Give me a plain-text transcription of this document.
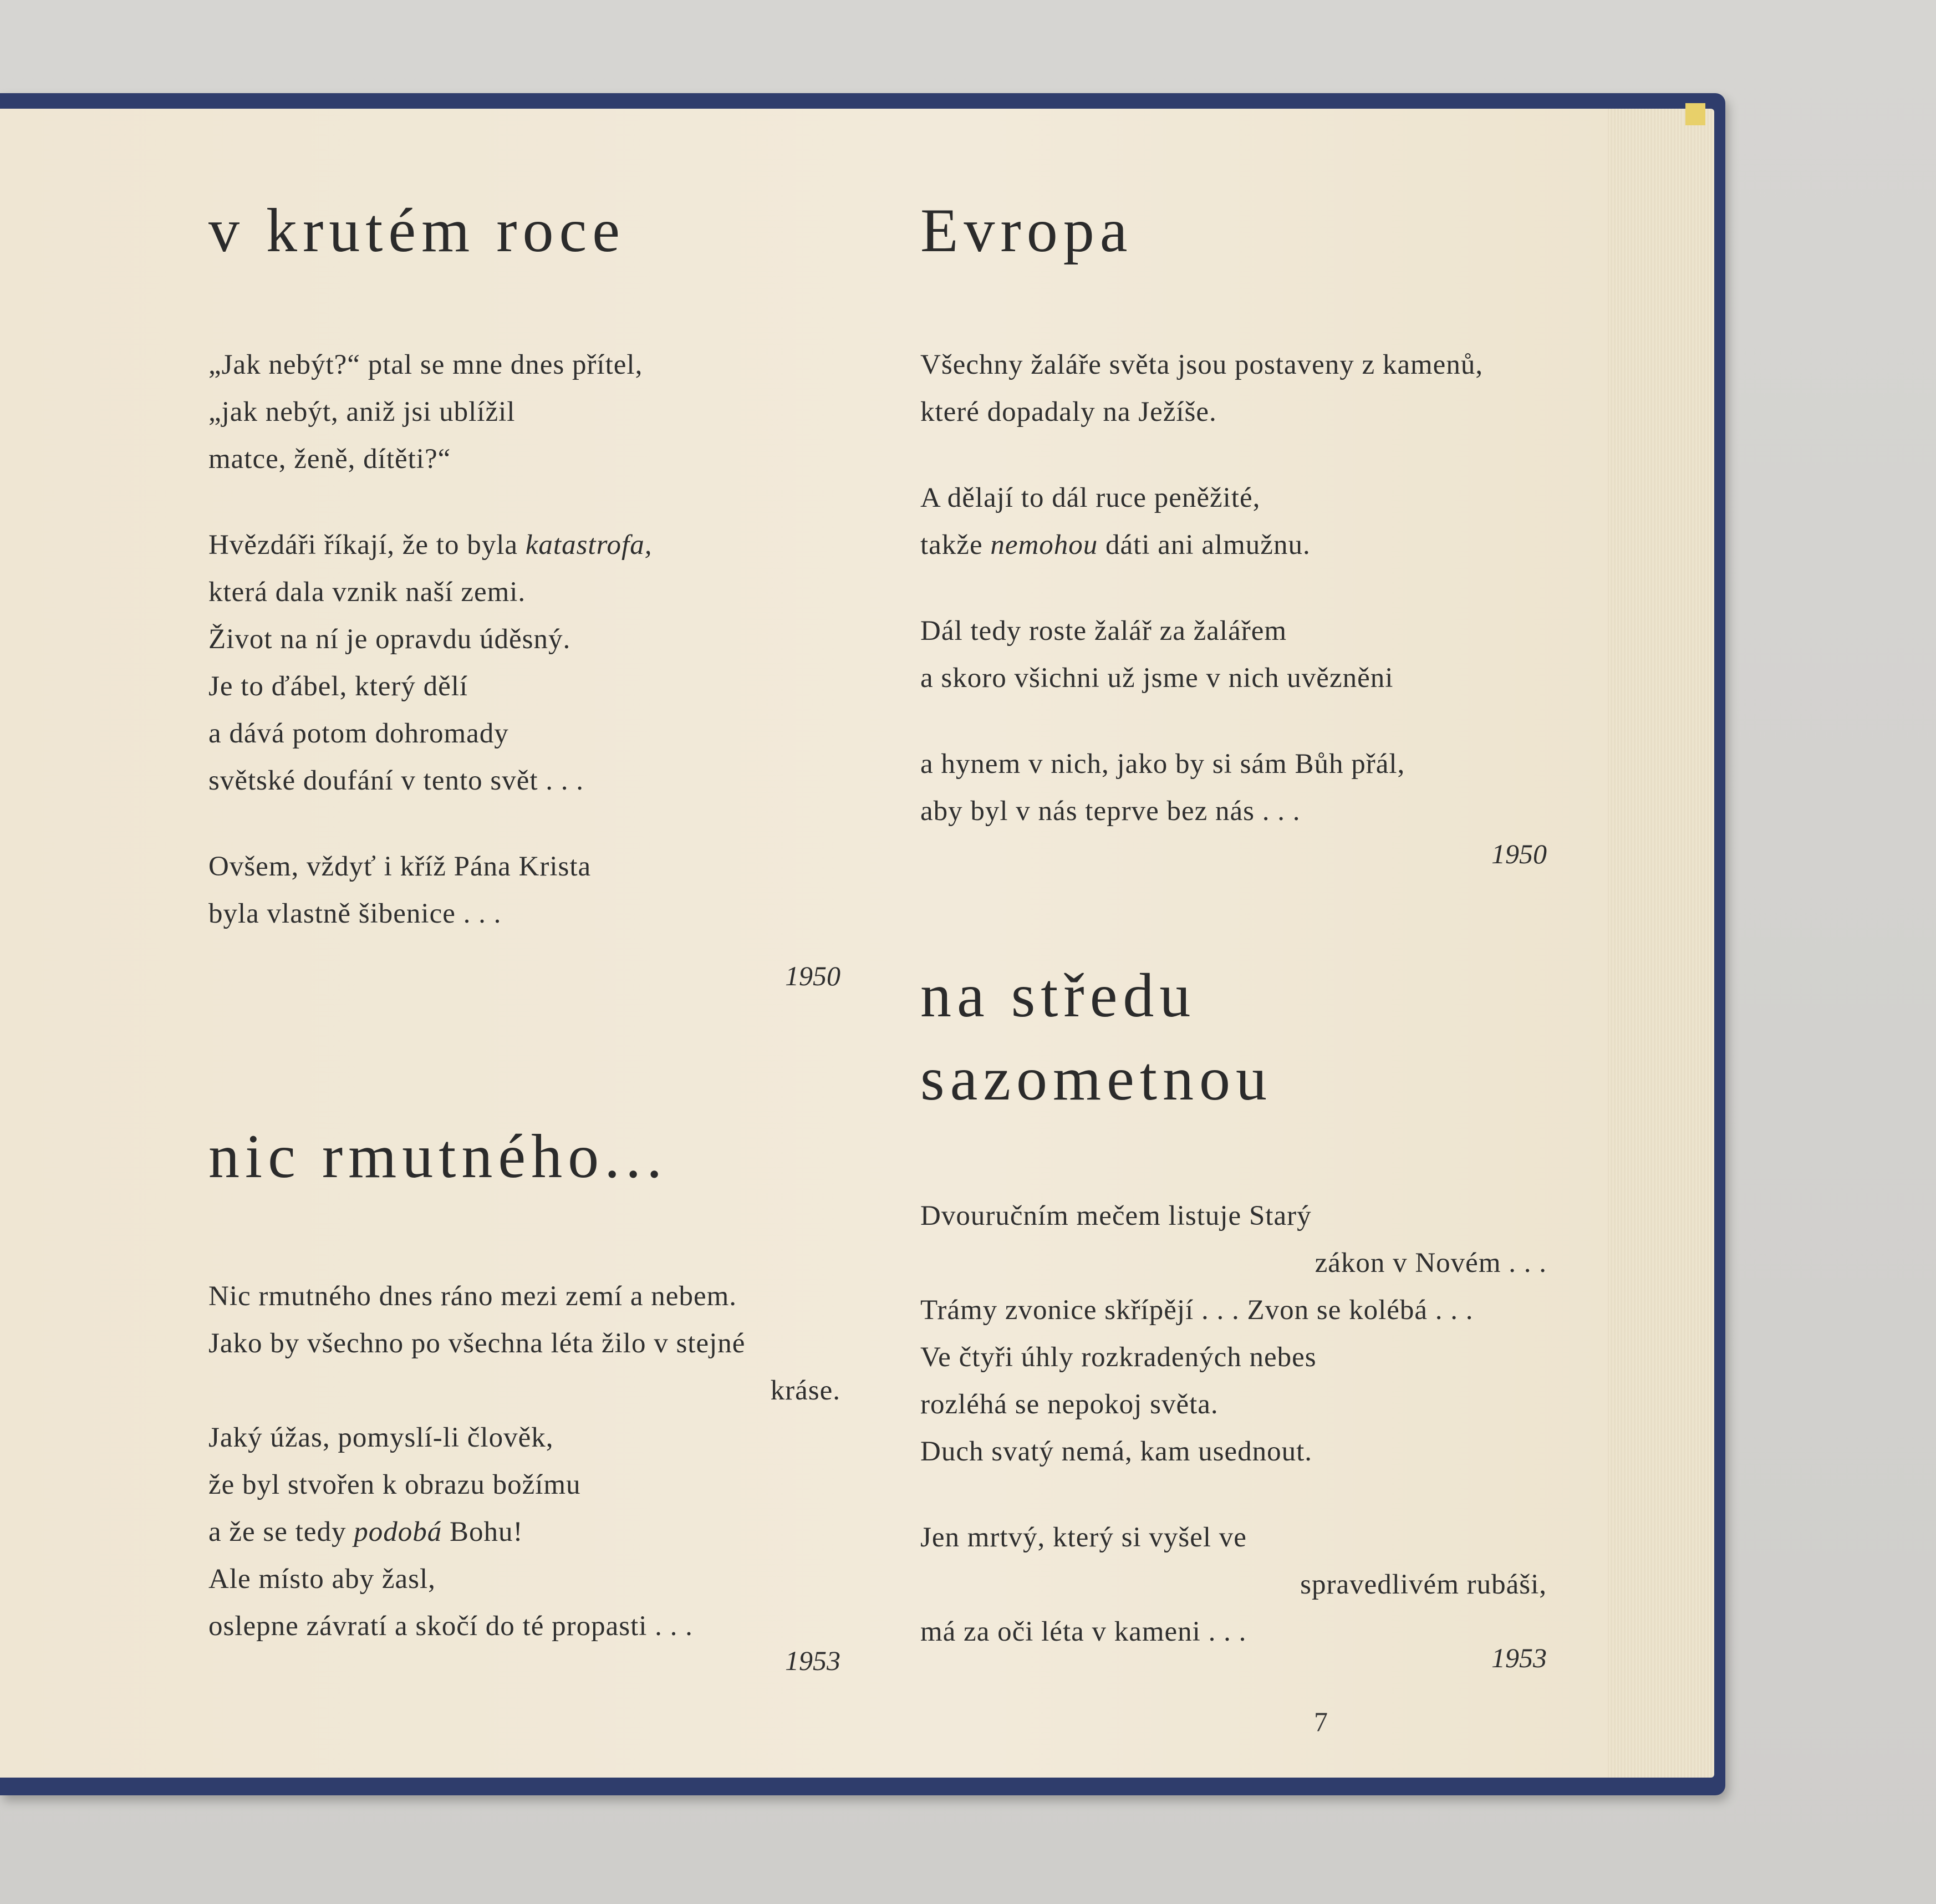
v krutém roce
„Jak nebýt?“ ptal se mne dnes přítel,
„jak nebýt, aniž jsi ublížil
matce, ženě, dítěti?“
Hvězdáři říkají, že to byla katastrofa,
která dala vznik naší zemi.
Život na ní je opravdu úděsný.
Je to ďábel, který dělí
a dává potom dohromady
světské doufání v tento svět . . .
Ovšem, vždyť i kříž Pána Krista
byla vlastně šibenice . . .
1950
nic rmutného...
Nic rmutného dnes ráno mezi zemí a nebem.
Jako by všechno po všechna léta žilo v stejné
kráse.
Jaký úžas, pomyslí-li člověk,
že byl stvořen k obrazu božímu
a že se tedy podobá Bohu!
Ale místo aby žasl,
oslepne závratí a skočí do té propasti . . .
1953
Evropa
Všechny žaláře světa jsou postaveny z kamenů,
které dopadaly na Ježíše.
A dělají to dál ruce peněžité,
takže nemohou dáti ani almužnu.
Dál tedy roste žalář za žalářem
a skoro všichni už jsme v nich uvězněni
a hynem v nich, jako by si sám Bůh přál,
aby byl v nás teprve bez nás . . .
1950
na středu
sazometnou
Dvouručním mečem listuje Starý
zákon v Novém . . .
Trámy zvonice skřípějí . . . Zvon se kolébá . . .
Ve čtyři úhly rozkradených nebes
rozléhá se nepokoj světa.
Duch svatý nemá, kam usednout.
Jen mrtvý, který si vyšel ve
spravedlivém rubáši,
má za oči léta v kameni . . .
1953
7
